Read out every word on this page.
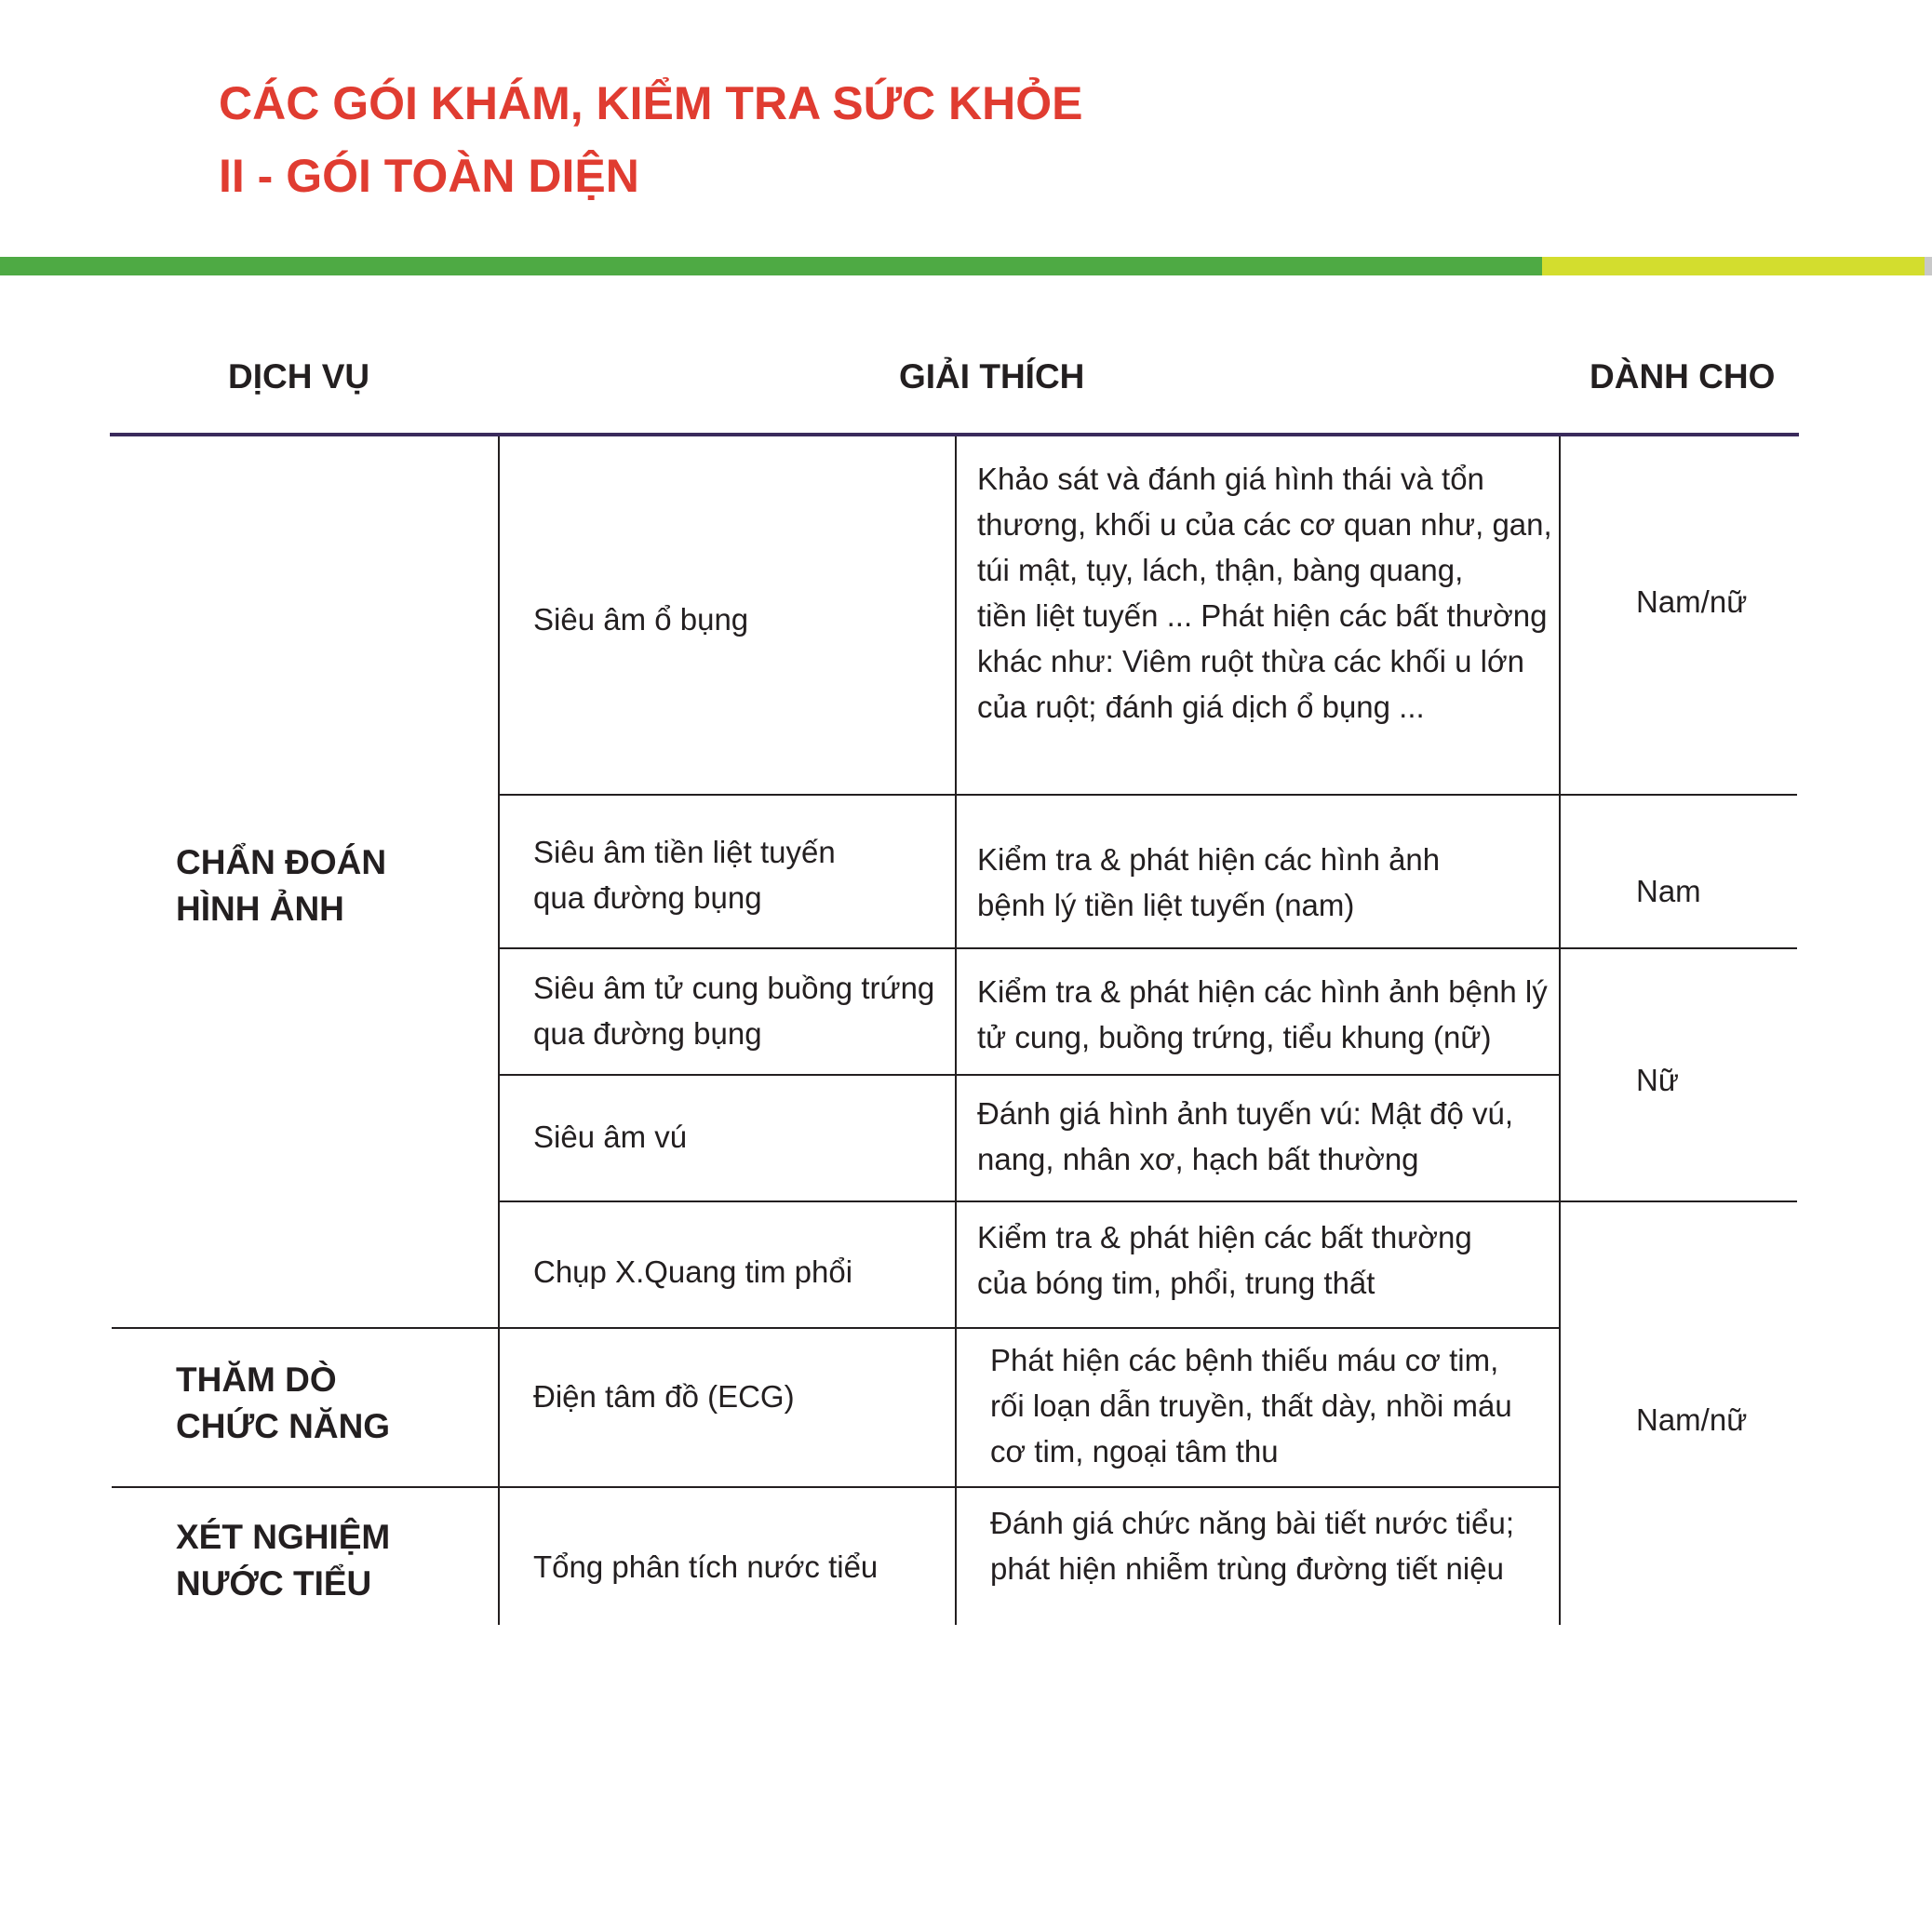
CÁC GÓI KHÁM, KIỂM TRA SỨC KHỎE
II - GÓI TOÀN DIỆN
DỊCH VỤ	GIẢI THÍCH	DÀNH CHO
CHẨN ĐOÁN
HÌNH ẢNH
THĂM DÒ
CHỨC NĂNG
XÉT NGHIỆM
NƯỚC TIỂU
Siêu âm ổ bụng
Khảo sát và đánh giá hình thái và tổn
thương, khối u của các cơ quan như, gan,
túi mật, tụy, lách, thận, bàng quang,
tiền liệt tuyến ... Phát hiện các bất thường
khác như: Viêm ruột thừa các khối u lớn
của ruột; đánh giá dịch ổ bụng ...
Siêu âm tiền liệt tuyến
qua đường bụng
Kiểm tra & phát hiện các hình ảnh
bệnh lý tiền liệt tuyến (nam)
Siêu âm tử cung buồng trứng
qua đường bụng
Kiểm tra & phát hiện các hình ảnh bệnh lý
tử cung, buồng trứng, tiểu khung (nữ)
Siêu âm vú
Đánh giá hình ảnh tuyến vú: Mật độ vú,
nang, nhân xơ, hạch bất thường
Chụp X.Quang tim phổi
Kiểm tra & phát hiện các bất thường
của bóng tim, phổi, trung thất
Điện tâm đồ (ECG)
Phát hiện các bệnh thiếu máu cơ tim,
rối loạn dẫn truyền, thất dày, nhồi máu
cơ tim, ngoại tâm thu
Tổng phân tích nước tiểu
Đánh giá chức năng bài tiết nước tiểu;
phát hiện nhiễm trùng đường tiết niệu
Nam/nữ
Nam
Nữ
Nam/nữ
